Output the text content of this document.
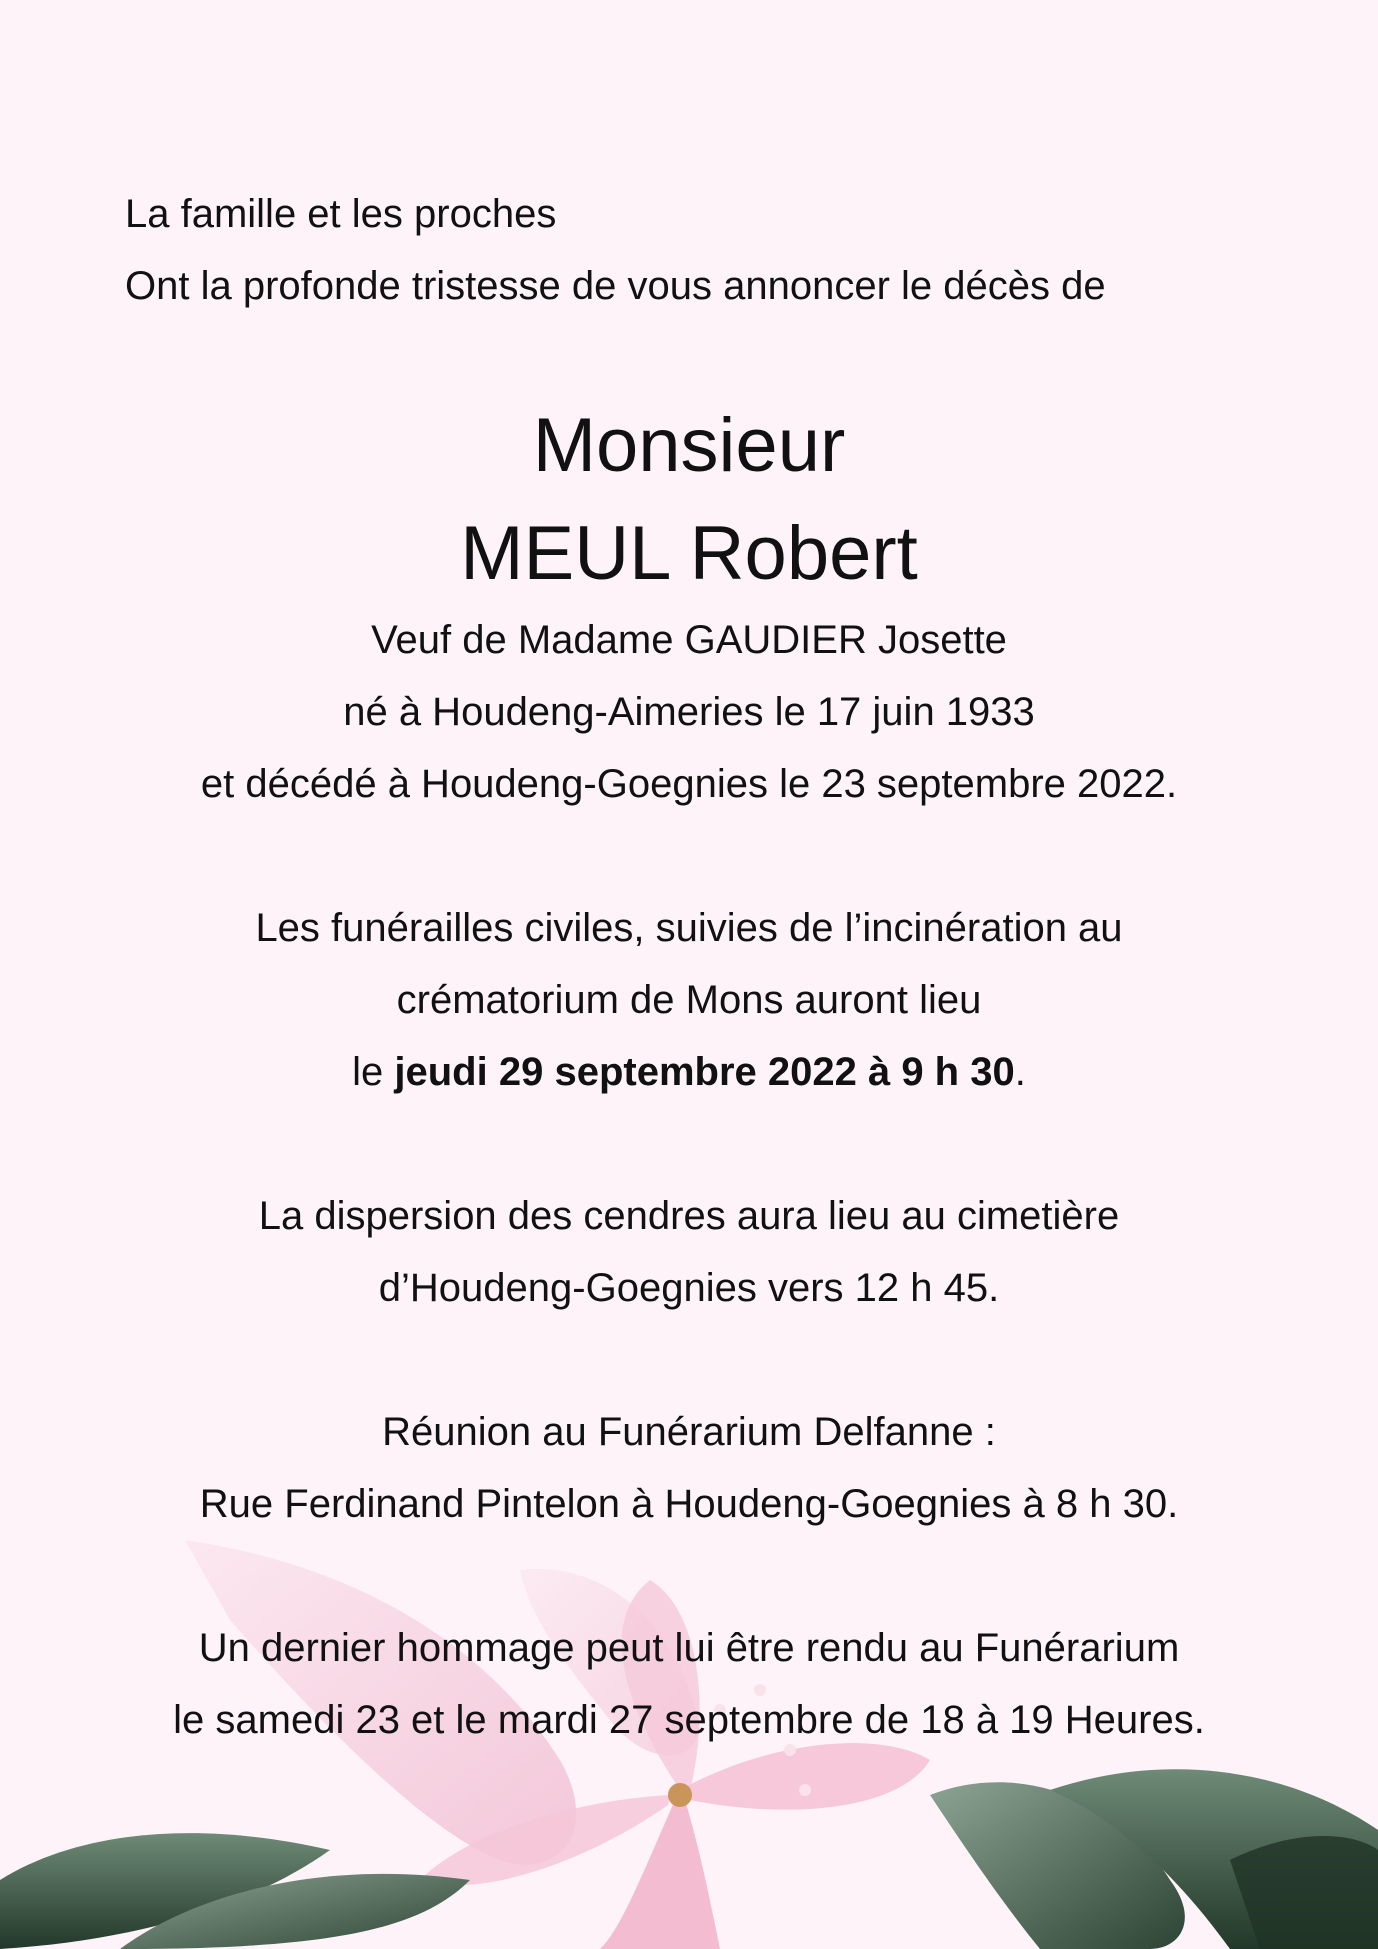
La famille et les proches
Ont la profonde tristesse de vous annoncer le décès de
Monsieur
MEUL Robert
Veuf de Madame GAUDIER Josette
né à Houdeng-Aimeries le 17 juin 1933
et décédé à Houdeng-Goegnies le 23 septembre 2022.
Les funérailles civiles, suivies de l’incinération au
crématorium de Mons auront lieu
le jeudi 29 septembre 2022 à 9 h 30.
La dispersion des cendres aura lieu au cimetière
d’Houdeng-Goegnies vers 12 h 45.
Réunion au Funérarium Delfanne :
Rue Ferdinand Pintelon à Houdeng-Goegnies à 8 h 30.
Un dernier hommage peut lui être rendu au Funérarium
le samedi 23 et le mardi 27 septembre de 18 à 19 Heures.
